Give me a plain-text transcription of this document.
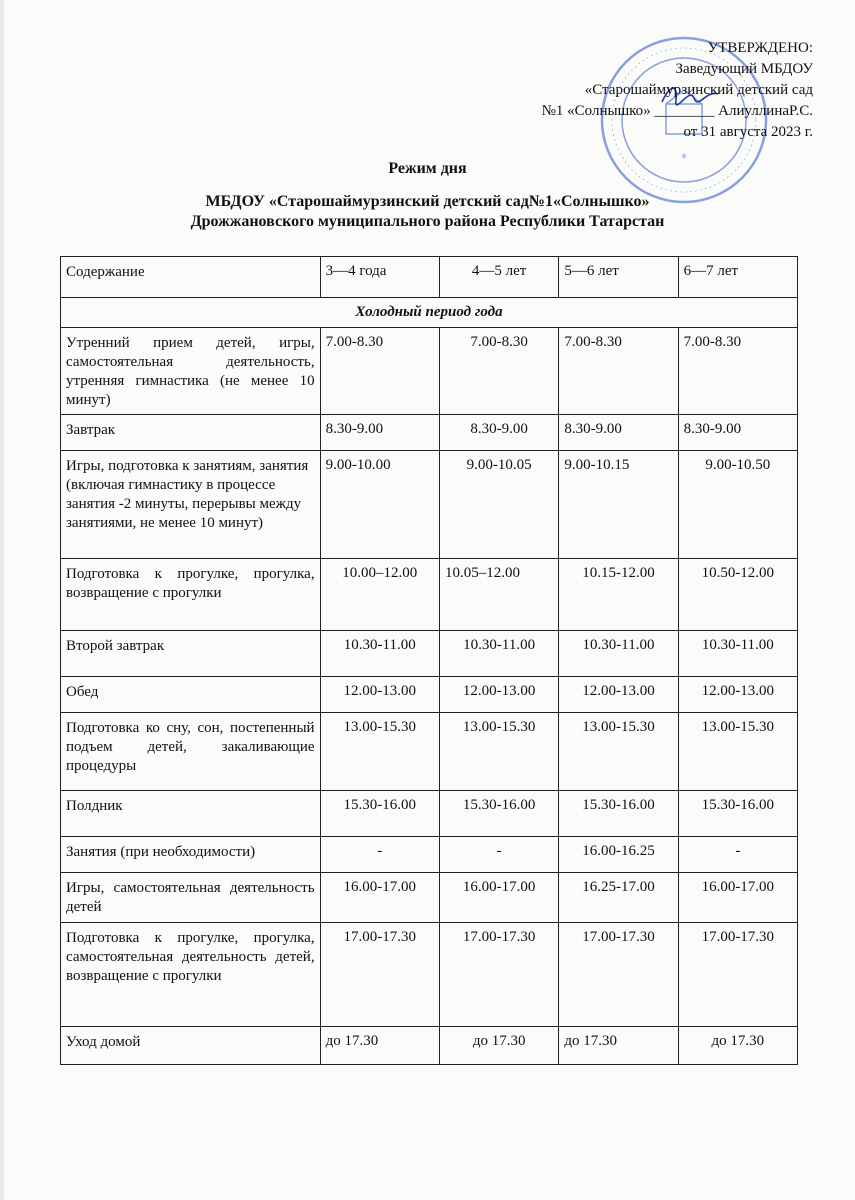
*
УТВЕРЖДЕНО:
Заведующий МБДОУ
«Старошаймурзинский детский сад
№1 «Солнышко» ________ АлиуллинаР.С.
от 31 августа 2023 г.
Режим дня
МБДОУ «Старошаймурзинский детский сад№1«Солнышко»
Дрожжановского муниципального района Республики Татарстан
Содержание	3—4 года	4—5 лет	5—6 лет	6—7 лет
Холодный период года				
Утренний прием детей, игры, самостоятельная деятельность, утренняя гимнастика (не менее 10 минут)	7.00-8.30	7.00-8.30	7.00-8.30	7.00-8.30
Завтрак	8.30-9.00	8.30-9.00	8.30-9.00	8.30-9.00
Игры, подготовка к занятиям, занятия (включая гимнастику в процессе занятия -2 минуты, перерывы между занятиями, не менее 10 минут)	9.00-10.00	9.00-10.05	9.00-10.15	9.00-10.50
Подготовка к прогулке, прогулка, возвращение с прогулки	10.00–12.00	10.05–12.00	10.15-12.00	10.50-12.00
Второй завтрак	10.30-11.00	10.30-11.00	10.30-11.00	10.30-11.00
Обед	12.00-13.00	12.00-13.00	12.00-13.00	12.00-13.00
Подготовка ко сну, сон, постепенный подъем детей, закаливающие процедуры	13.00-15.30	13.00-15.30	13.00-15.30	13.00-15.30
Полдник	15.30-16.00	15.30-16.00	15.30-16.00	15.30-16.00
Занятия (при необходимости)	-	-	16.00-16.25	-
Игры, самостоятельная деятельность детей	16.00-17.00	16.00-17.00	16.25-17.00	16.00-17.00
Подготовка к прогулке, прогулка, самостоятельная деятельность детей, возвращение с прогулки	17.00-17.30	17.00-17.30	17.00-17.30	17.00-17.30
Уход домой	до 17.30	до 17.30	до 17.30	до 17.30
